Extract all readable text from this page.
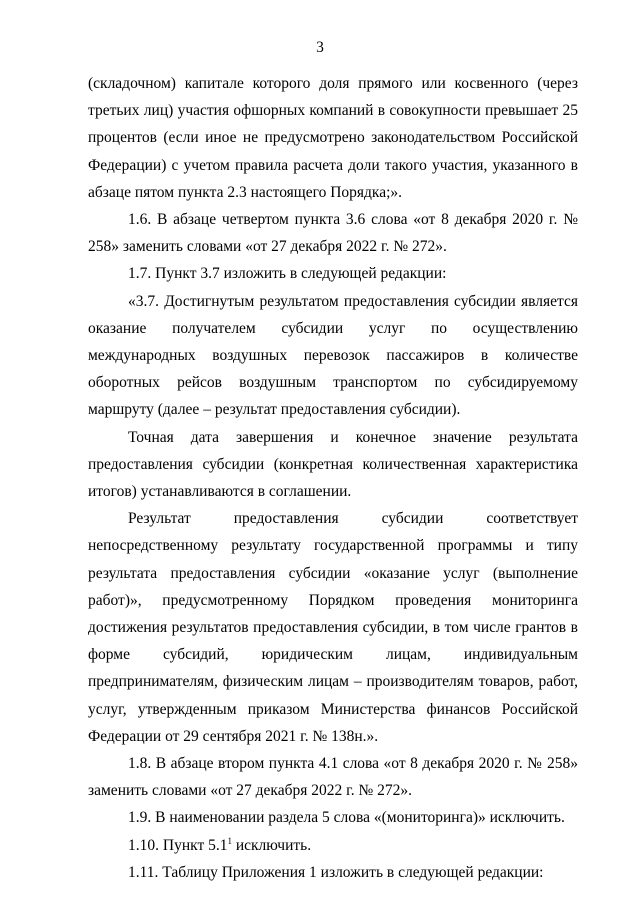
3

(складочном) капитале которого доля прямого или косвенного (через третьих лиц) участия офшорных компаний в совокупности превышает 25 процентов (если иное не предусмотрено законодательством Российской Федерации) с учетом правила расчета доли такого участия, указанного в абзаце пятом пункта 2.3 настоящего Порядка;».

1.6. В абзаце четвертом пункта 3.6 слова «от 8 декабря 2020 г. № 258» заменить словами «от 27 декабря 2022 г. № 272».

1.7. Пункт 3.7 изложить в следующей редакции:

«3.7. Достигнутым результатом предоставления субсидии является оказание получателем субсидии услуг по осуществлению международных воздушных перевозок пассажиров в количестве оборотных рейсов воздушным транспортом по субсидируемому маршруту (далее – результат предоставления субсидии).

Точная дата завершения и конечное значение результата предоставления субсидии (конкретная количественная характеристика итогов) устанавливаются в соглашении.

Результат предоставления субсидии соответствует непосредственному результату государственной программы и типу результата предоставления субсидии «оказание услуг (выполнение работ)», предусмотренному Порядком проведения мониторинга достижения результатов предоставления субсидии, в том числе грантов в форме субсидий, юридическим лицам, индивидуальным предпринимателям, физическим лицам – производителям товаров, работ, услуг, утвержденным приказом Министерства финансов Российской Федерации от 29 сентября 2021 г. № 138н.».

1.8. В абзаце втором пункта 4.1 слова «от 8 декабря 2020 г. № 258» заменить словами «от 27 декабря 2022 г. № 272».

1.9. В наименовании раздела 5 слова «(мониторинга)» исключить.

1.10. Пункт $5.1^1$ исключить.

1.11. Таблицу Приложения 1 изложить в следующей редакции:
